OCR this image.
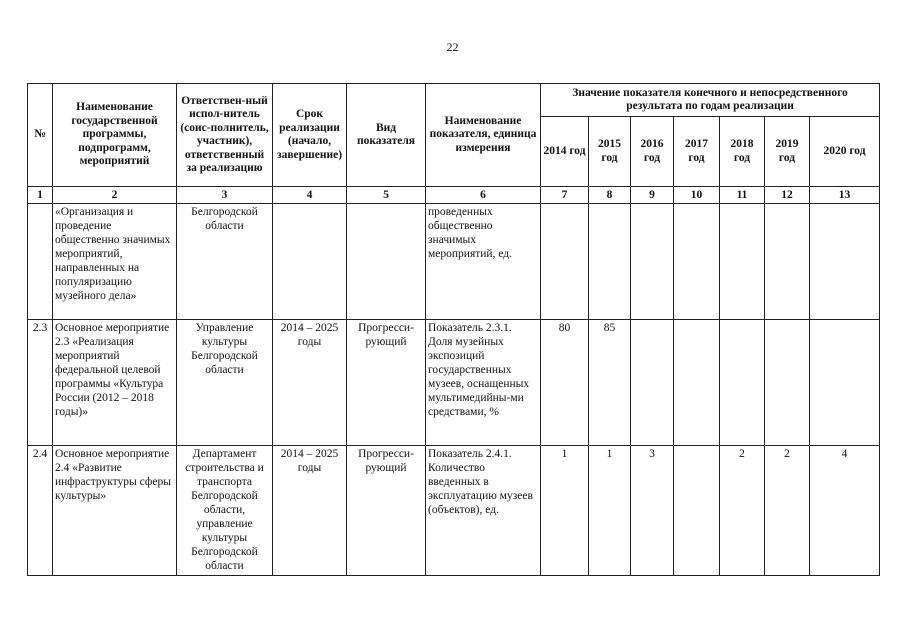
22
№	Наименование государственной программы, подпрограмм, мероприятий	Ответствен-ный испол-нитель (соис-полнитель, участник), ответственный за реализацию	Срок реализации (начало, завершение)	Вид показателя	Наименование показателя, единица измерения	Значение показателя конечного и непосредственного результата по годам реализации						
						2014 год	2015 год	2016 год	2017 год	2018 год	2019 год	2020 год
1	2	3	4	5	6	7	8	9	10	11	12	13
	«Организация и проведение общественно значимых мероприятий, направленных на популяризацию музейного дела»	Белгородской области			проведенных общественно значимых мероприятий, ед.							
2.3	Основное мероприятие 2.3 «Реализация мероприятий федеральной целевой программы «Культура России (2012 – 2018 годы)»	Управление культуры Белгородской области	2014 – 2025 годы	Прогресси-рующий	Показатель 2.3.1. Доля музейных экспозиций государственных музеев, оснащенных мультимедийны-ми средствами, %	80	85					
2.4	Основное мероприятие 2.4 «Развитие инфраструктуры сферы культуры»	Департамент строительства и транспорта Белгородской области, управление культуры Белгородской области	2014 – 2025 годы	Прогресси-рующий	Показатель 2.4.1. Количество введенных в эксплуатацию музеев (объектов), ед.	1	1	3		2	2	4
